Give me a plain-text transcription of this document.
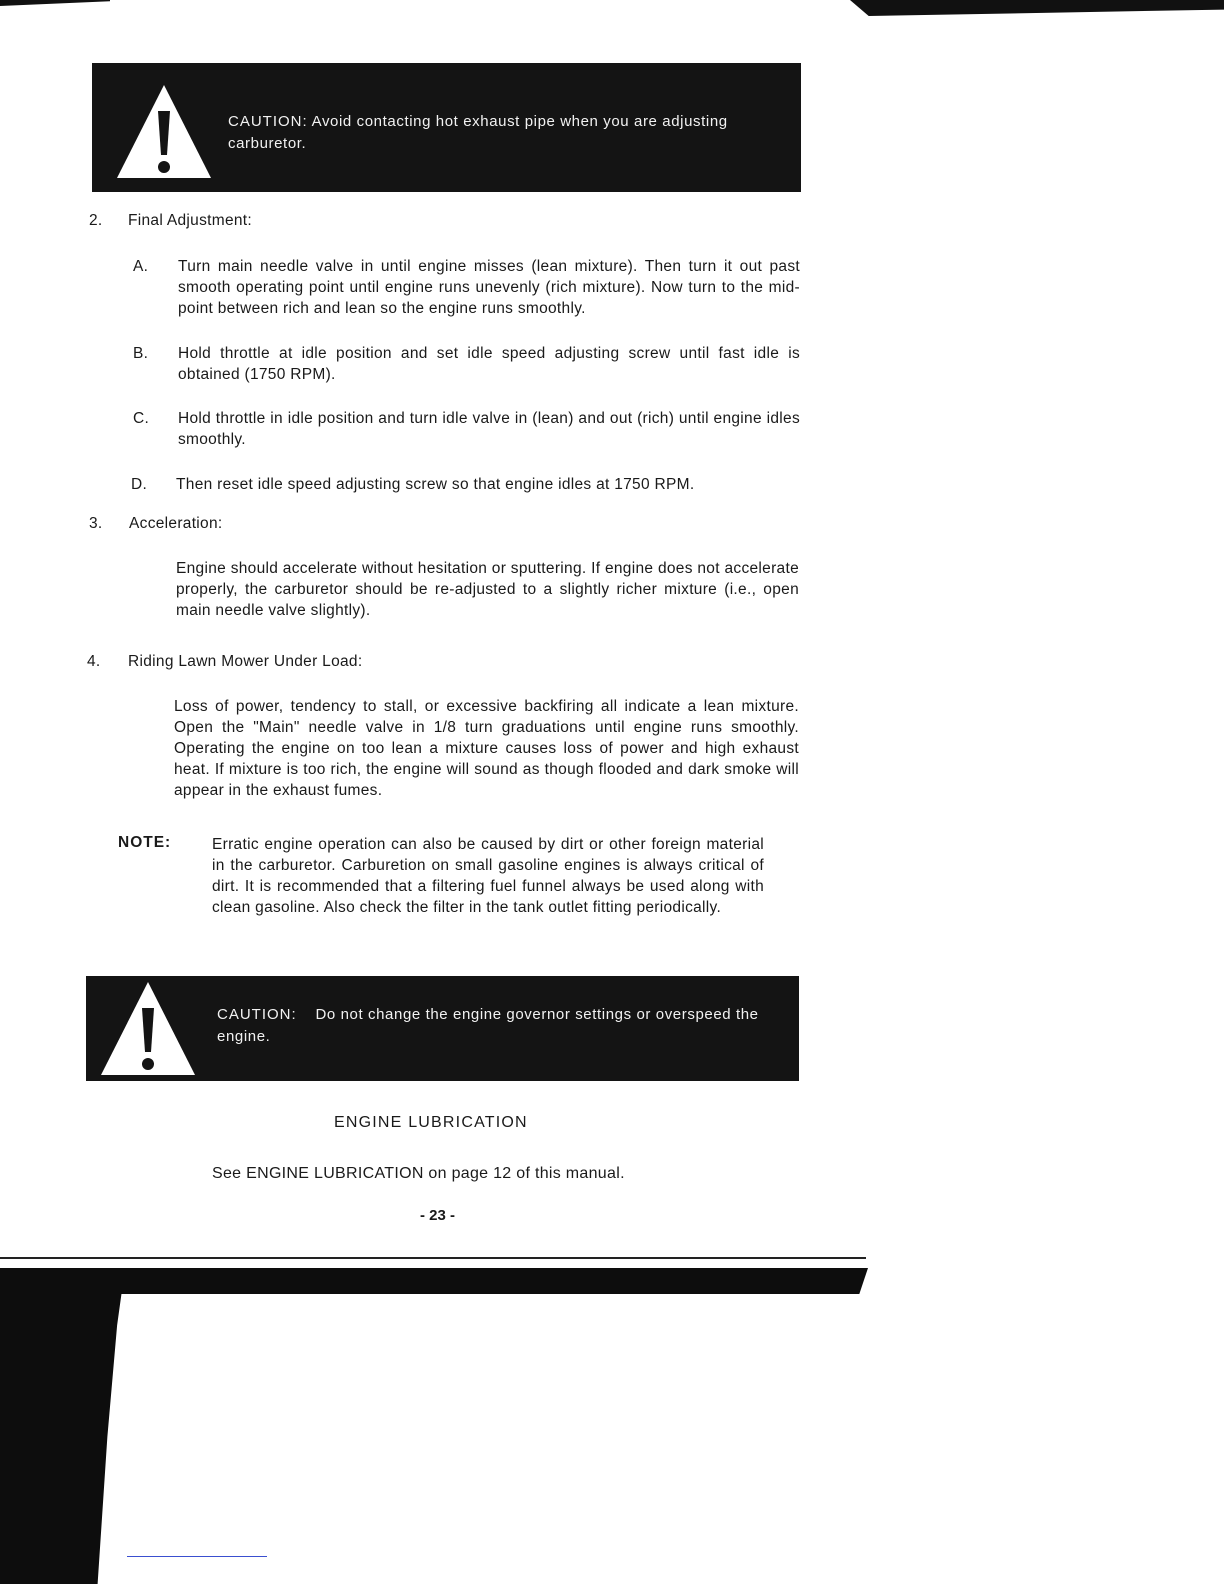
CAUTION: Avoid contacting hot exhaust pipe when you are adjusting carburetor.
2. Final Adjustment:
A. Turn main needle valve in until engine misses (lean mixture). Then turn it out past smooth operating point until engine runs unevenly (rich mixture). Now turn to the mid-point between rich and lean so the engine runs smoothly.
B. Hold throttle at idle position and set idle speed adjusting screw until fast idle is obtained (1750 RPM).
C. Hold throttle in idle position and turn idle valve in (lean) and out (rich) until engine idles smoothly.
D. Then reset idle speed adjusting screw so that engine idles at 1750 RPM.
3. Acceleration:
Engine should accelerate without hesitation or sputtering. If engine does not accelerate properly, the carburetor should be re-adjusted to a slightly richer mixture (i.e., open main needle valve slightly).
4. Riding Lawn Mower Under Load:
Loss of power, tendency to stall, or excessive backfiring all indicate a lean mixture. Open the "Main" needle valve in 1/8 turn graduations until engine runs smoothly. Operating the engine on too lean a mixture causes loss of power and high exhaust heat. If mixture is too rich, the engine will sound as though flooded and dark smoke will appear in the exhaust fumes.
NOTE:	Erratic engine operation can also be caused by dirt or other foreign material in the carburetor. Carburetion on small gasoline engines is always critical of dirt. It is recommended that a filtering fuel funnel always be used along with clean gasoline. Also check the filter in the tank outlet fitting periodically.
CAUTION: Do not change the engine governor settings or overspeed the engine.
ENGINE LUBRICATION
See ENGINE LUBRICATION on page 12 of this manual.
- 23 -
